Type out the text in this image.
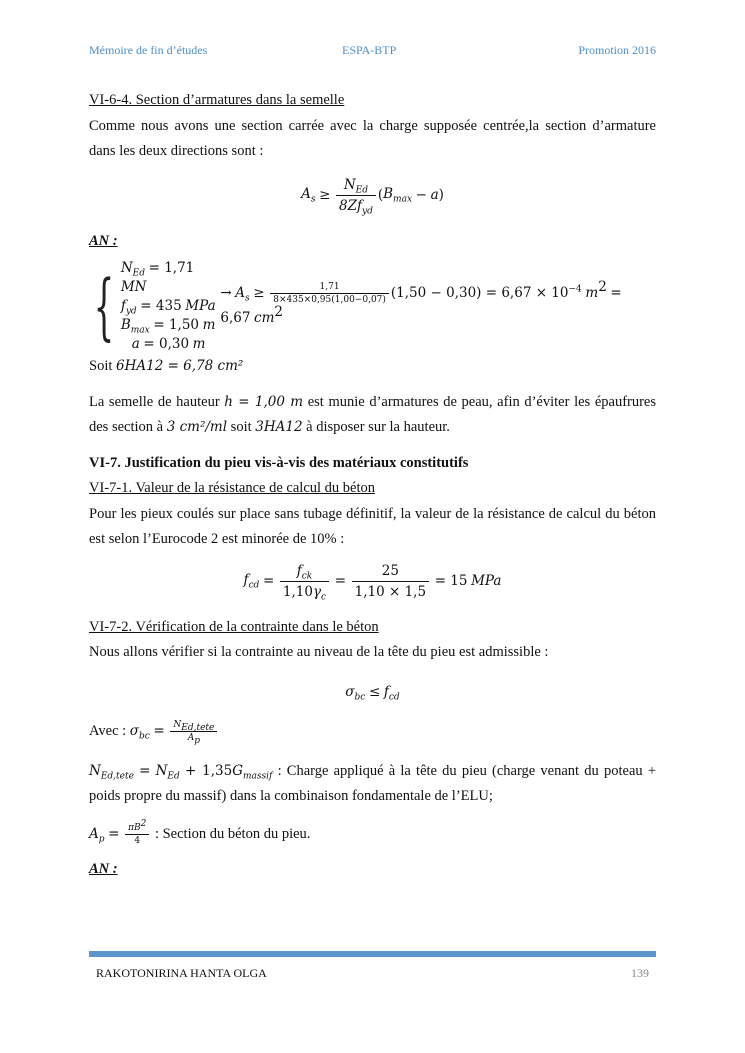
Mémoire de fin d’études	ESPA-BTP	Promotion 2016
VI-6-4. Section d’armatures dans la semelle

Comme nous avons une section carrée avec la charge supposée centrée,la section d’armature dans les deux directions sont :

$A_s \ge \frac{N_{Ed}}{8Zf_{yd}} (B_{max} - a)$
AN :
{ $N_{Ed} = 1,71$ MN
$f_{yd} = 435$ MPa
$B_{max} = 1,50$ m
a = 0,30 m
→ $A_s \ge \frac{1,71}{8\times 435\times 0,95(1,00-0,07)} (1,50 - 0,30) = 6,67 \times 10^{-4}$ $m^2 = 6,67$ $cm^2$
Soit 6HA12 = 6,78 cm²

La semelle de hauteur h = 1,00 m est munie d’armatures de peau, afin d’éviter les épaufrures des section à 3 cm²/ml soit 3HA12 à disposer sur la hauteur.

VI-7. Justification du pieu vis-à-vis des matériaux constitutifs
VI-7-1. Valeur de la résistance de calcul du béton

Pour les pieux coulés sur place sans tubage définitif, la valeur de la résistance de calcul du béton est selon l’Eurocode 2 est minorée de 10% :

$f_{cd} = \frac{f_{ck}}{1,10\gamma_c} = \frac{25}{1,10 \times 1,5} = 15$ MPa
VI-7-2. Vérification de la contrainte dans le béton

Nous allons vérifier si la contrainte au niveau de la tête du pieu est admissible :

$\sigma_{bc} \le f_{cd}$
Avec : $\sigma_{bc} = \frac{N_{Ed,tete}}{A_p}$

$N_{Ed,tete} = N_{Ed} + 1,35G_{massif}$ : Charge appliqué à la tête du pieu (charge venant du poteau + poids propre du massif) dans la combinaison fondamentale de l’ELU;

$A_p = \frac{\pi B^2}{4}$ : Section du béton du pieu.
AN :
RAKOTONIRINA HANTA OLGA	139
